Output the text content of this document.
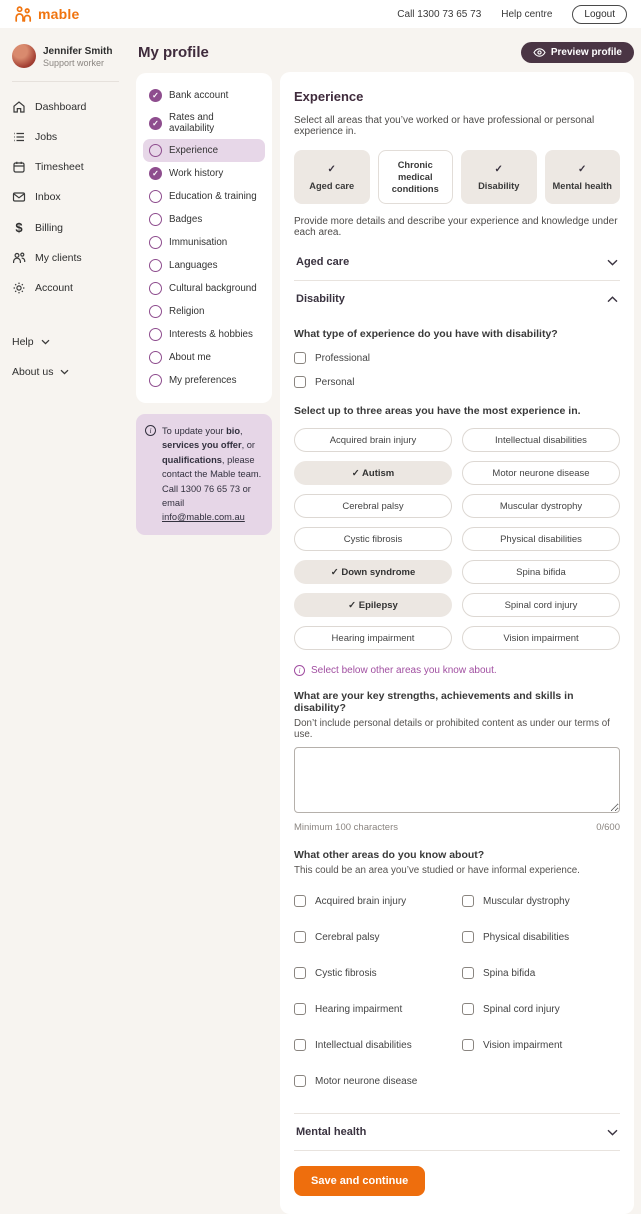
mable	Call 1300 73 65 73 Help centre	Logout
Jennifer Smith
Support worker
Dashboard
Jobs
Timesheet
Inbox
$	Billing
My clients
Account
Help
About us
My profile
✓	Bank account
✓	Rates and availability
Experience
✓	Work history
Education & training
Badges
Immunisation
Languages
Cultural background
Religion
Interests & hobbies
About me
My preferences
i	To update your bio, services you offer, or qualifications, please contact the Mable team. Call 1300 76 65 73 or email info@mable.com.au
Preview profile
Experience
Select all areas that you’ve worked or have professional or personal experience in.
✓
Aged care
Chronic medical conditions
✓
Disability
✓
Mental health
Provide more details and describe your experience and knowledge under each area.
Aged care
Disability
What type of experience do you have with disability?
Professional
Personal
Select up to three areas you have the most experience in.
Acquired brain injury	Intellectual disabilities
✓ Autism	Motor neurone disease
Cerebral palsy	Muscular dystrophy
Cystic fibrosis	Physical disabilities
✓ Down syndrome	Spina bifida
✓ Epilepsy	Spinal cord injury
Hearing impairment	Vision impairment
i	Select below other areas you know about.
What are your key strengths, achievements and skills in disability?
Don’t include personal details or prohibited content as under our terms of use.
Minimum 100 characters	0/600
What other areas do you know about?
This could be an area you’ve studied or have informal experience.
Acquired brain injury	Muscular dystrophy
Cerebral palsy	Physical disabilities
Cystic fibrosis	Spina bifida
Hearing impairment	Spinal cord injury
Intellectual disabilities	Vision impairment
Motor neurone disease
Mental health
Save and continue
